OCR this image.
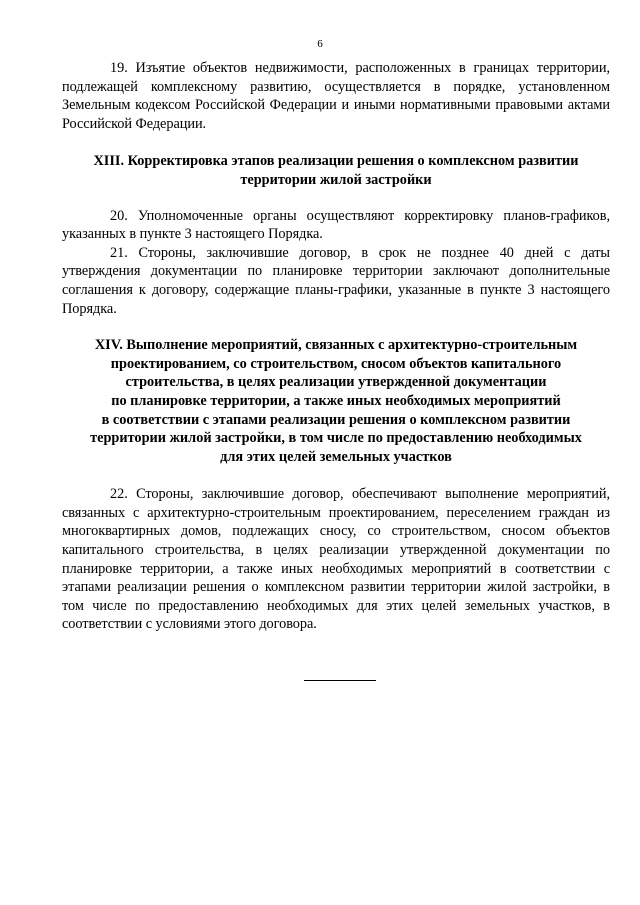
6

19. Изъятие объектов недвижимости, расположенных в границах территории, подлежащей комплексному развитию, осуществляется в порядке, установленном Земельным кодексом Российской Федерации и иными нормативными правовыми актами Российской Федерации.

XIII. Корректировка этапов реализации решения о комплексном развитии
территории жилой застройки

20. Уполномоченные органы осуществляют корректировку планов-графиков, указанных в пункте 3 настоящего Порядка.

21. Стороны, заключившие договор, в срок не позднее 40 дней с даты утверждения документации по планировке территории заключают дополнительные соглашения к договору, содержащие планы-графики, указанные в пункте 3 настоящего Порядка.

XIV. Выполнение мероприятий, связанных с архитектурно-строительным
проектированием, со строительством, сносом объектов капитального
строительства, в целях реализации утвержденной документации
по планировке территории, а также иных необходимых мероприятий
в соответствии с этапами реализации решения о комплексном развитии
территории жилой застройки, в том числе по предоставлению необходимых
для этих целей земельных участков

22. Стороны, заключившие договор, обеспечивают выполнение мероприятий, связанных с архитектурно-строительным проектированием, переселением граждан из многоквартирных домов, подлежащих сносу, со строительством, сносом объектов капитального строительства, в целях реализации утвержденной документации по планировке территории, а также иных необходимых мероприятий в соответствии с этапами реализации решения о комплексном развитии территории жилой застройки, в том числе по предоставлению необходимых для этих целей земельных участков, в соответствии с условиями этого договора.
